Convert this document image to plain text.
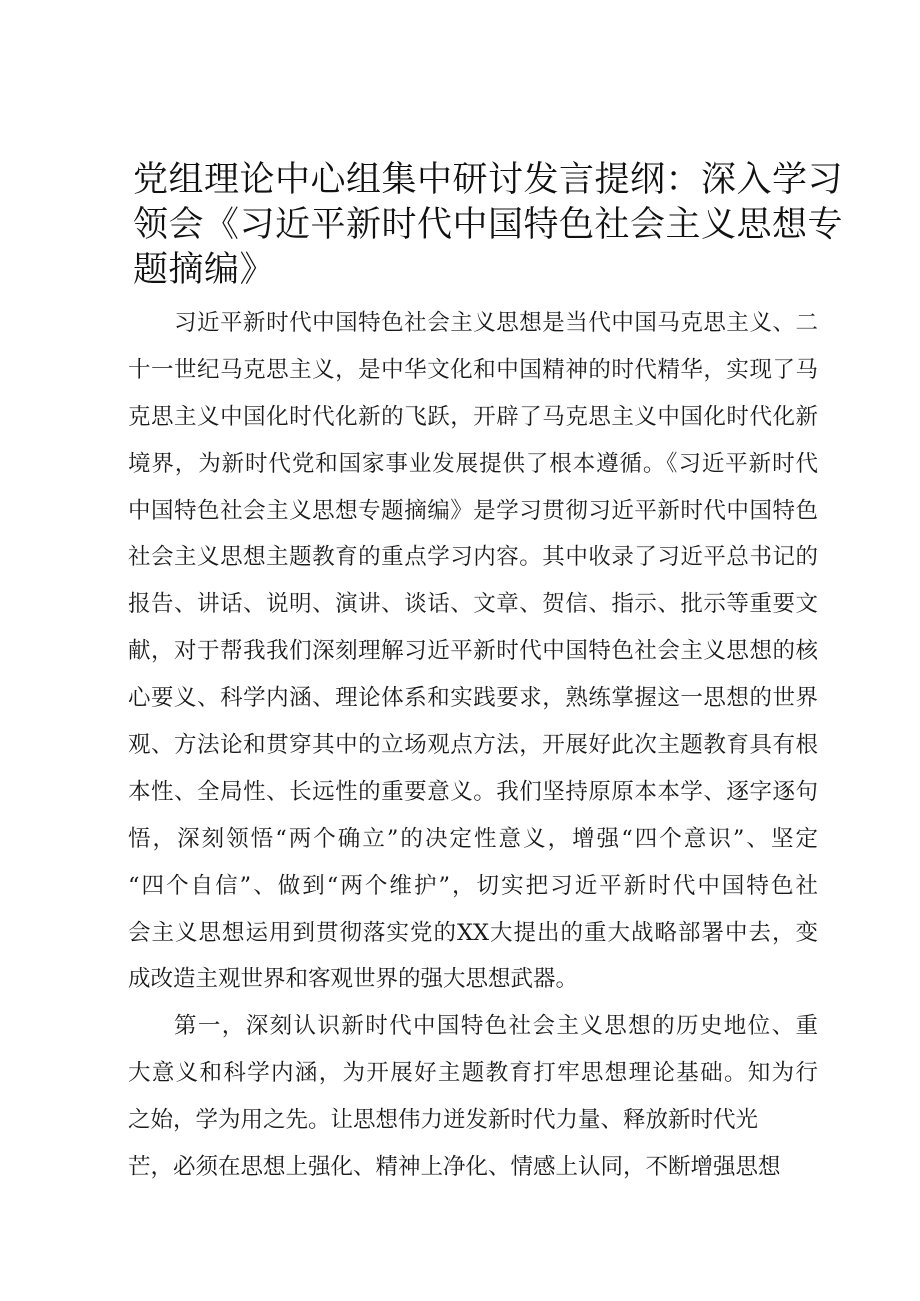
党组理论中心组集中研讨发言提纲：深入学习
领会《习近平新时代中国特色社会主义思想专
题摘编》
习近平新时代中国特色社会主义思想是当代中国马克思主义、二
十一世纪马克思主义，是中华文化和中国精神的时代精华，实现了马
克思主义中国化时代化新的飞跃，开辟了马克思主义中国化时代化新
境界，为新时代党和国家事业发展提供了根本遵循。《习近平新时代
中国特色社会主义思想专题摘编》是学习贯彻习近平新时代中国特色
社会主义思想主题教育的重点学习内容。其中收录了习近平总书记的
报告、讲话、说明、演讲、谈话、文章、贺信、指示、批示等重要文
献，对于帮我我们深刻理解习近平新时代中国特色社会主义思想的核
心要义、科学内涵、理论体系和实践要求，熟练掌握这一思想的世界
观、方法论和贯穿其中的立场观点方法，开展好此次主题教育具有根
本性、全局性、长远性的重要意义。我们坚持原原本本学、逐字逐句
悟，深刻领悟“两个确立”的决定性意义，增强“四个意识”、坚定
“四个自信”、做到“两个维护”，切实把习近平新时代中国特色社
会主义思想运用到贯彻落实党的XX大提出的重大战略部署中去，变
成改造主观世界和客观世界的强大思想武器。
第一，深刻认识新时代中国特色社会主义思想的历史地位、重
大意义和科学内涵，为开展好主题教育打牢思想理论基础。知为行
之始，学为用之先。让思想伟力迸发新时代力量、释放新时代光
芒，必须在思想上强化、精神上净化、情感上认同，不断增强思想
